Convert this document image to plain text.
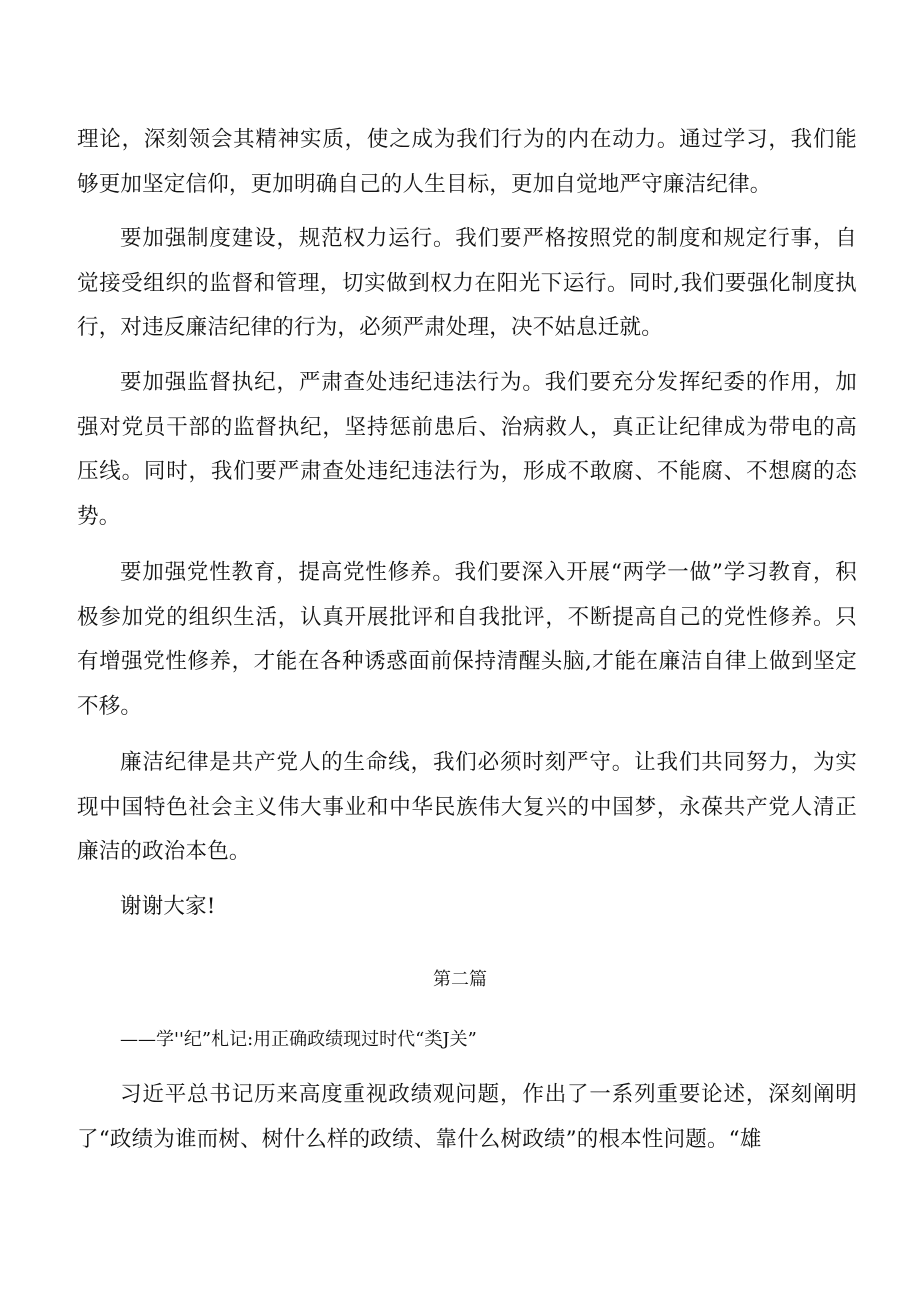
理论，深刻领会其精神实质，使之成为我们行为的内在动力。通过学习，我们能够更加坚定信仰，更加明确自己的人生目标，更加自觉地严守廉洁纪律。

要加强制度建设，规范权力运行。我们要严格按照党的制度和规定行事，自觉接受组织的监督和管理，切实做到权力在阳光下运行。同时,我们要强化制度执行，对违反廉洁纪律的行为，必须严肃处理，决不姑息迁就。

要加强监督执纪，严肃查处违纪违法行为。我们要充分发挥纪委的作用，加强对党员干部的监督执纪，坚持惩前患后、治病救人，真正让纪律成为带电的高压线。同时，我们要严肃查处违纪违法行为，形成不敢腐、不能腐、不想腐的态势。

要加强党性教育，提高党性修养。我们要深入开展“两学一做”学习教育，积极参加党的组织生活，认真开展批评和自我批评，不断提高自己的党性修养。只有增强党性修养，才能在各种诱惑面前保持清醒头脑,才能在廉洁自律上做到坚定不移。

廉洁纪律是共产党人的生命线，我们必须时刻严守。让我们共同努力，为实现中国特色社会主义伟大事业和中华民族伟大复兴的中国梦，永葆共产党人清正廉洁的政治本色。

谢谢大家!

第二篇

——学''纪”札记:用正确政绩现过时代“类J关”

习近平总书记历来高度重视政绩观问题，作出了一系列重要论述，深刻阐明了“政绩为谁而树、树什么样的政绩、靠什么树政绩”的根本性问题。“雄
